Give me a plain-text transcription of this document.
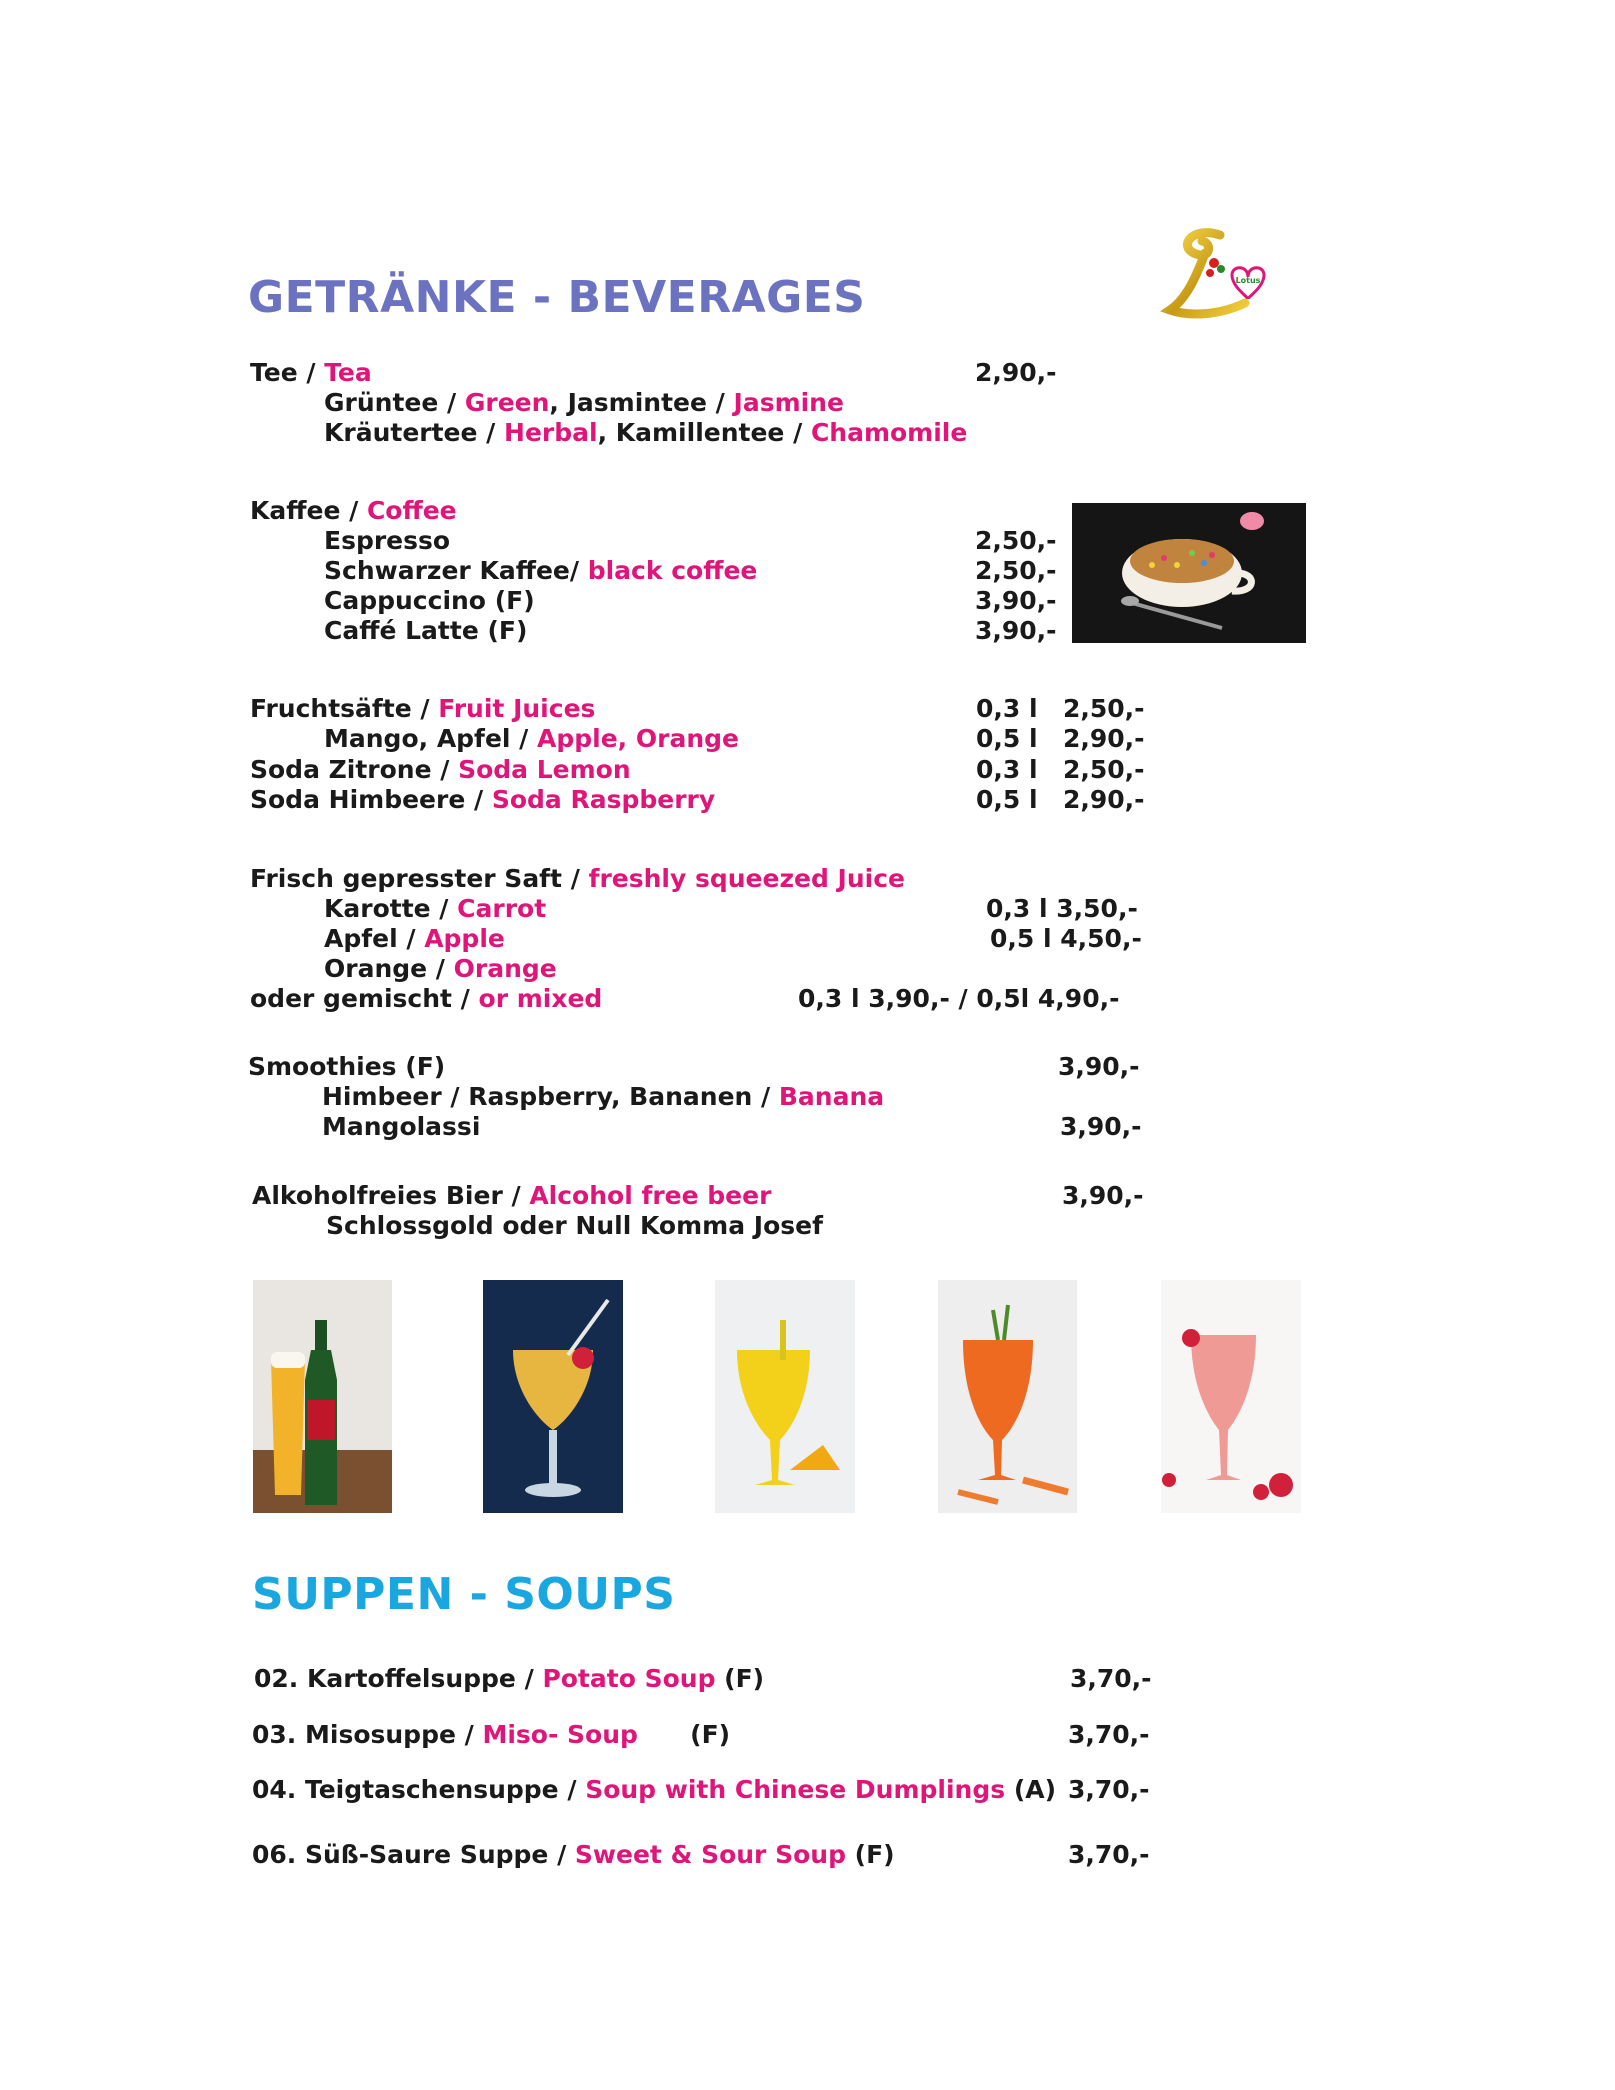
Lotus
GETRÄNKE - BEVERAGES
Tee / Tea	2,90,-
Grüntee / Green, Jasmintee / Jasmine
Kräutertee / Herbal, Kamillentee / Chamomile
Kaffee / Coffee
Espresso	2,50,-
Schwarzer Kaffee/ black coffee	2,50,-
Cappuccino (F)	3,90,-
Caffé Latte (F)	3,90,-
Fruchtsäfte / Fruit Juices	0,3 l 2,50,-
Mango, Apfel / Apple, Orange	0,5 l 2,90,-
Soda Zitrone / Soda Lemon	0,3 l 2,50,-
Soda Himbeere / Soda Raspberry	0,5 l 2,90,-
Frisch gepresster Saft / freshly squeezed Juice
Karotte / Carrot	0,3 l 3,50,-
Apfel / Apple	0,5 l 4,50,-
Orange / Orange
oder gemischt / or mixed	0,3 l 3,90,- / 0,5l 4,90,-
Smoothies (F)	3,90,-
Himbeer / Raspberry, Bananen / Banana
Mangolassi	3,90,-
Alkoholfreies Bier / Alcohol free beer	3,90,-
Schlossgold oder Null Komma Josef
SUPPEN - SOUPS
02. Kartoffelsuppe / Potato Soup (F)	3,70,-
03. Misosuppe / Miso- Soup      (F)	3,70,-
04. Teigtaschensuppe / Soup with Chinese Dumplings (A) 3,70,-
06. Süß-Saure Suppe / Sweet & Sour Soup (F)	3,70,-
